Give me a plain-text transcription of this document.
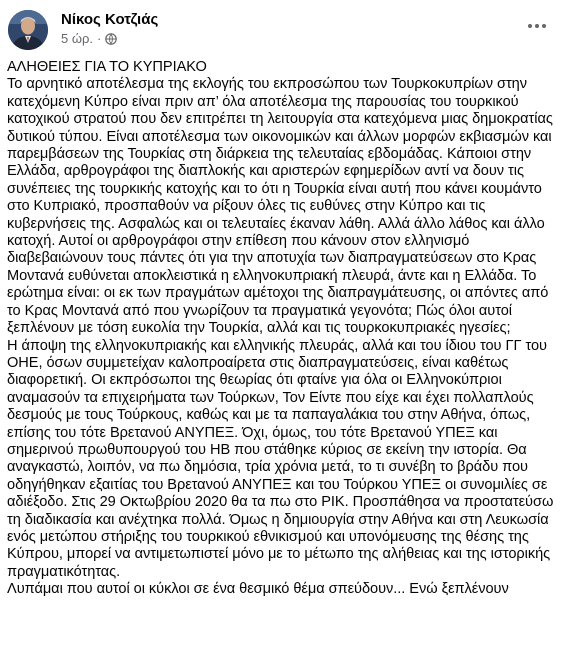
Νίκος Κοτζιάς
5 ώρ. ·
ΑΛΗΘΕΙΕΣ ΓΙΑ ΤΟ ΚΥΠΡΙΑΚΟ
Το αρνητικό αποτέλεσμα της εκλογής του εκπροσώπου των Τουρκοκυπρίων στην κατεχόμενη Κύπρο είναι πριν απ’ όλα αποτέλεσμα της παρουσίας του τουρκικού κατοχικού στρατού που δεν επιτρέπει τη λειτουργία στα κατεχόμενα μιας δημοκρατίας δυτικού τύπου. Είναι αποτέλεσμα των οικονομικών και άλλων μορφών εκβιασμών και παρεμβάσεων της Τουρκίας στη διάρκεια της τελευταίας εβδομάδας. Κάποιοι στην Ελλάδα, αρθρογράφοι της διαπλοκής και αριστερών εφημερίδων αντί να δουν τις συνέπειες της τουρκικής κατοχής και το ότι η Τουρκία είναι αυτή που κάνει κουμάντο στο Κυπριακό, προσπαθούν να ρίξουν όλες τις ευθύνες στην Κύπρο και τις κυβερνήσεις της. Ασφαλώς και οι τελευταίες έκαναν λάθη. Αλλά άλλο λάθος και άλλο κατοχή. Αυτοί οι αρθρογράφοι στην επίθεση που κάνουν στον ελληνισμό διαβεβαιώνουν τους πάντες ότι για την αποτυχία των διαπραγματεύσεων στο Κρας Μοντανά ευθύνεται αποκλειστικά η ελληνοκυπριακή πλευρά, άντε και η Ελλάδα. Το ερώτημα είναι: οι εκ των πραγμάτων αμέτοχοι της διαπραγμάτευσης, οι απόντες από το Κρας Μοντανά από που γνωρίζουν τα πραγματικά γεγονότα; Πώς όλοι αυτοί ξεπλένουν με τόση ευκολία την Τουρκία, αλλά και τις τουρκοκυπριακές ηγεσίες;
Η άποψη της ελληνοκυπριακής και ελληνικής πλευράς, αλλά και του ίδιου του ΓΓ του ΟΗΕ, όσων συμμετείχαν καλοπροαίρετα στις διαπραγματεύσεις, είναι καθέτως διαφορετική. Οι εκπρόσωποι της θεωρίας ότι φταίνε για όλα οι Ελληνοκύπριοι αναμασούν τα επιχειρήματα των Τούρκων, Τον Είντε που είχε και έχει πολλαπλούς δεσμούς με τους Τούρκους, καθώς και με τα παπαγαλάκια του στην Αθήνα, όπως, επίσης του τότε Βρετανού ΑΝΥΠΕΞ. Όχι, όμως, του τότε Βρετανού ΥΠΕΞ και σημερινού πρωθυπουργού του ΗΒ που στάθηκε κύριος σε εκείνη την ιστορία. Θα αναγκαστώ, λοιπόν, να πω δημόσια, τρία χρόνια μετά, το τι συνέβη το βράδυ που οδηγήθηκαν εξαιτίας του Βρετανού ΑΝΥΠΕΞ και του Τούρκου ΥΠΕΞ οι συνομιλίες σε αδιέξοδο. Στις 29 Οκτωβρίου 2020 θα τα πω στο ΡΙΚ. Προσπάθησα να προστατεύσω τη διαδικασία και ανέχτηκα πολλά. Όμως η δημιουργία στην Αθήνα και στη Λευκωσία ενός μετώπου στήριξης του τουρκικού εθνικισμού και υπονόμευσης της θέσης της Κύπρου, μπορεί να αντιμετωπιστεί μόνο με το μέτωπο της αλήθειας και της ιστορικής πραγματικότητας.
Λυπάμαι που αυτοί οι κύκλοι σε ένα θεσμικό θέμα σπεύδουν... Ενώ ξεπλένουν
